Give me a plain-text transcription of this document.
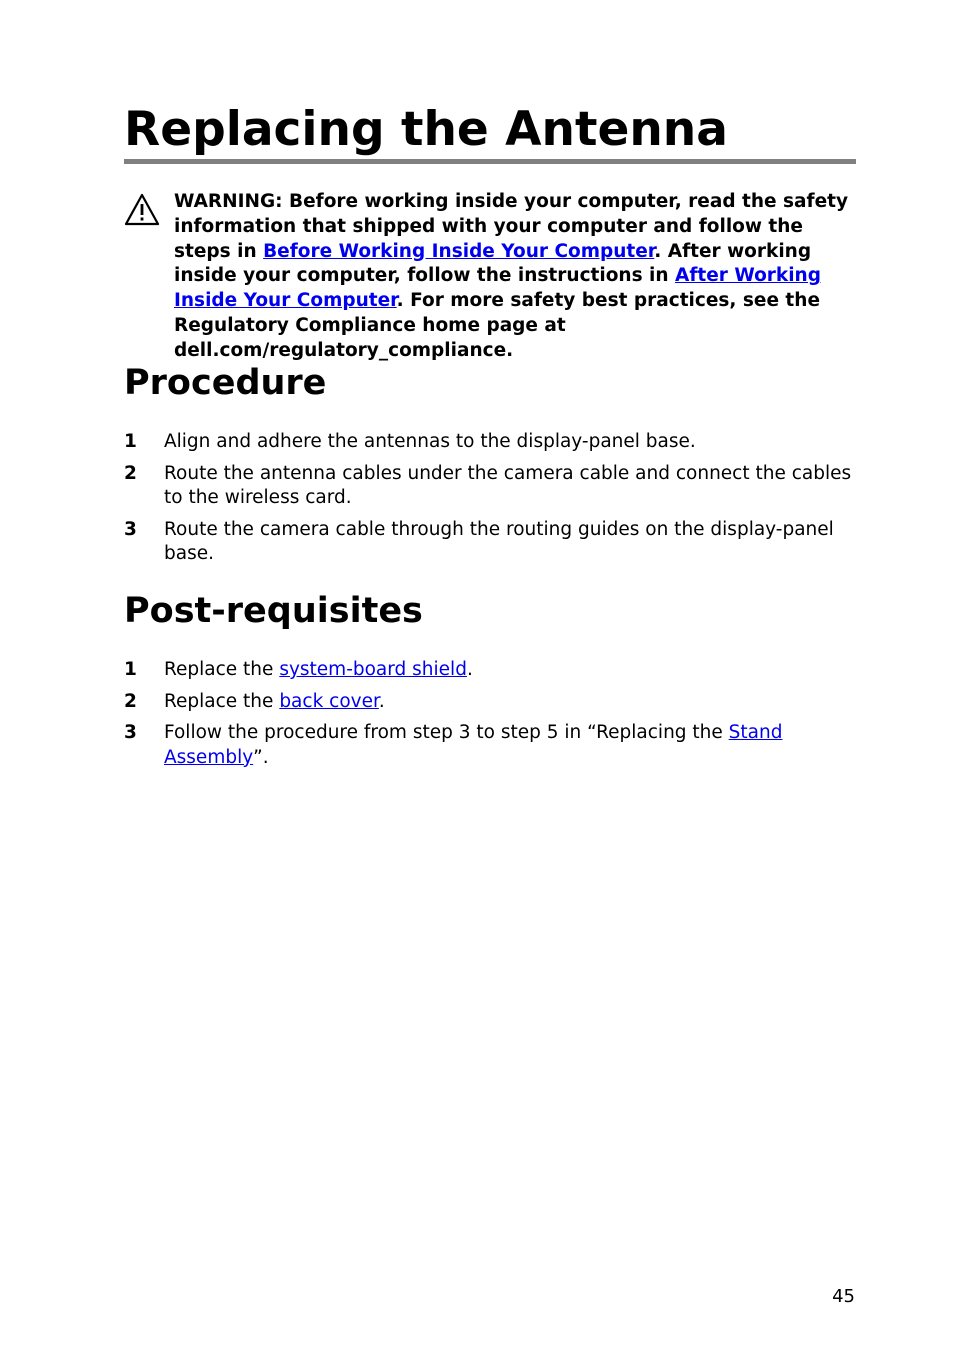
Replacing the Antenna

WARNING: Before working inside your computer, read the safety information that shipped with your computer and follow the steps in Before Working Inside Your Computer. After working inside your computer, follow the instructions in After Working Inside Your Computer. For more safety best practices, see the Regulatory Compliance home page at dell.com/regulatory_compliance.

Procedure
1 Align and adhere the antennas to the display-panel base.
2 Route the antenna cables under the camera cable and connect the cables to the wireless card.
3 Route the camera cable through the routing guides on the display-panel base.
Post-requisites
1 Replace the system-board shield.
2 Replace the back cover.
3 Follow the procedure from step 3 to step 5 in “Replacing the Stand Assembly”.
45
